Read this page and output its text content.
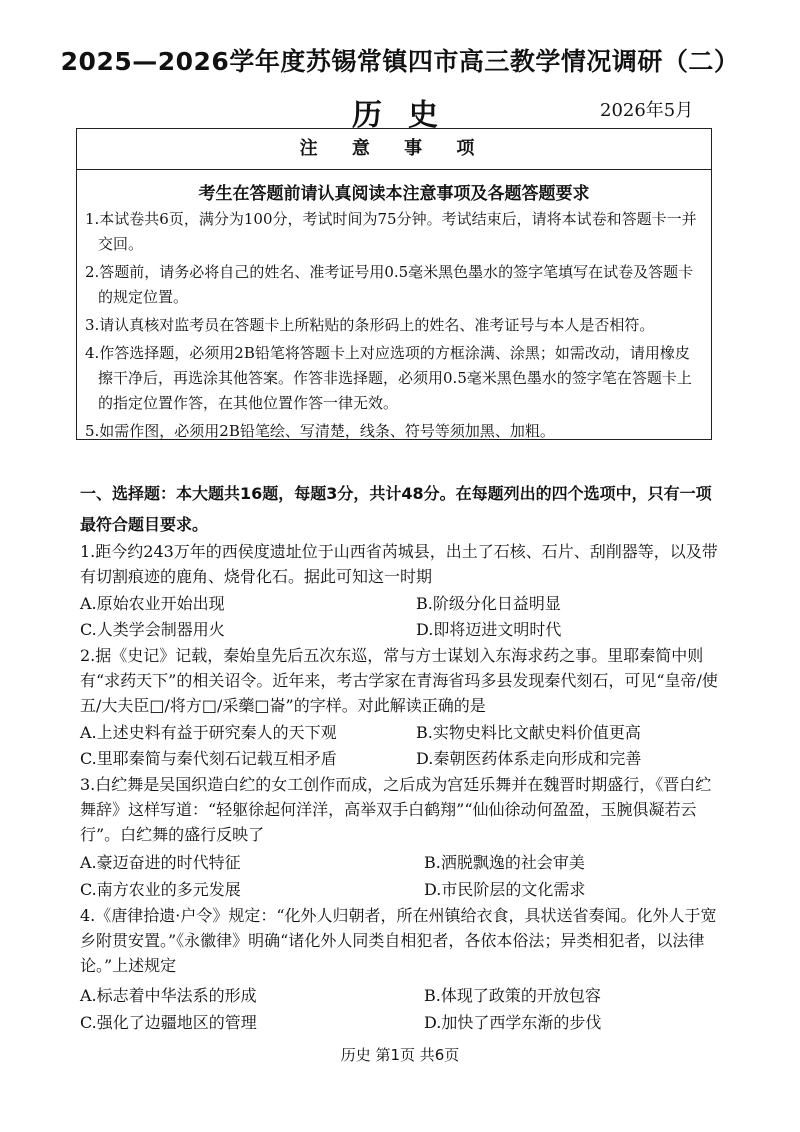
2025—2026学年度苏锡常镇四市高三教学情况调研（二）
历史	2026年5月
注 意 事 项
考生在答题前请认真阅读本注意事项及各题答题要求
1.本试卷共6页，满分为100分，考试时间为75分钟。考试结束后，请将本试卷和答题卡一并交回。
2.答题前，请务必将自己的姓名、准考证号用0.5毫米黑色墨水的签字笔填写在试卷及答题卡的规定位置。
3.请认真核对监考员在答题卡上所粘贴的条形码上的姓名、准考证号与本人是否相符。
4.作答选择题，必须用2B铅笔将答题卡上对应选项的方框涂满、涂黑；如需改动，请用橡皮擦干净后，再选涂其他答案。作答非选择题，必须用0.5毫米黑色墨水的签字笔在答题卡上的指定位置作答，在其他位置作答一律无效。
5.如需作图，必须用2B铅笔绘、写清楚，线条、符号等须加黑、加粗。
一、选择题：本大题共16题，每题3分，共计48分。在每题列出的四个选项中，只有一项最符合题目要求。
1.距今约243万年的西侯度遗址位于山西省芮城县，出土了石核、石片、刮削器等，以及带有切割痕迹的鹿角、烧骨化石。据此可知这一时期
A.原始农业开始出现	B.阶级分化日益明显
C.人类学会制器用火	D.即将迈进文明时代
2.据《史记》记载，秦始皇先后五次东巡，常与方士谋划入东海求药之事。里耶秦简中则有“求药天下”的相关诏令。近年来，考古学家在青海省玛多县发现秦代刻石，可见“皇帝/使五/大夫臣□/将方□/采藥□崙”的字样。对此解读正确的是
A.上述史料有益于研究秦人的天下观	B.实物史料比文献史料价值更高
C.里耶秦简与秦代刻石记载互相矛盾	D.秦朝医药体系走向形成和完善
3.白纻舞是吴国织造白纻的女工创作而成，之后成为宫廷乐舞并在魏晋时期盛行，《晋白纻舞辞》这样写道：“轻躯徐起何洋洋，高举双手白鹤翔”“仙仙徐动何盈盈，玉腕俱凝若云行”。白纻舞的盛行反映了
A.豪迈奋进的时代特征	B.洒脱飘逸的社会审美
C.南方农业的多元发展	D.市民阶层的文化需求
4.《唐律拾遗·户令》规定：“化外人归朝者，所在州镇给衣食，具状送省奏闻。化外人于宽乡附贯安置。”《永徽律》明确“诸化外人同类自相犯者，各依本俗法；异类相犯者，以法律论。”上述规定
A.标志着中华法系的形成	B.体现了政策的开放包容
C.强化了边疆地区的管理	D.加快了西学东渐的步伐
历史 第1页 共6页
